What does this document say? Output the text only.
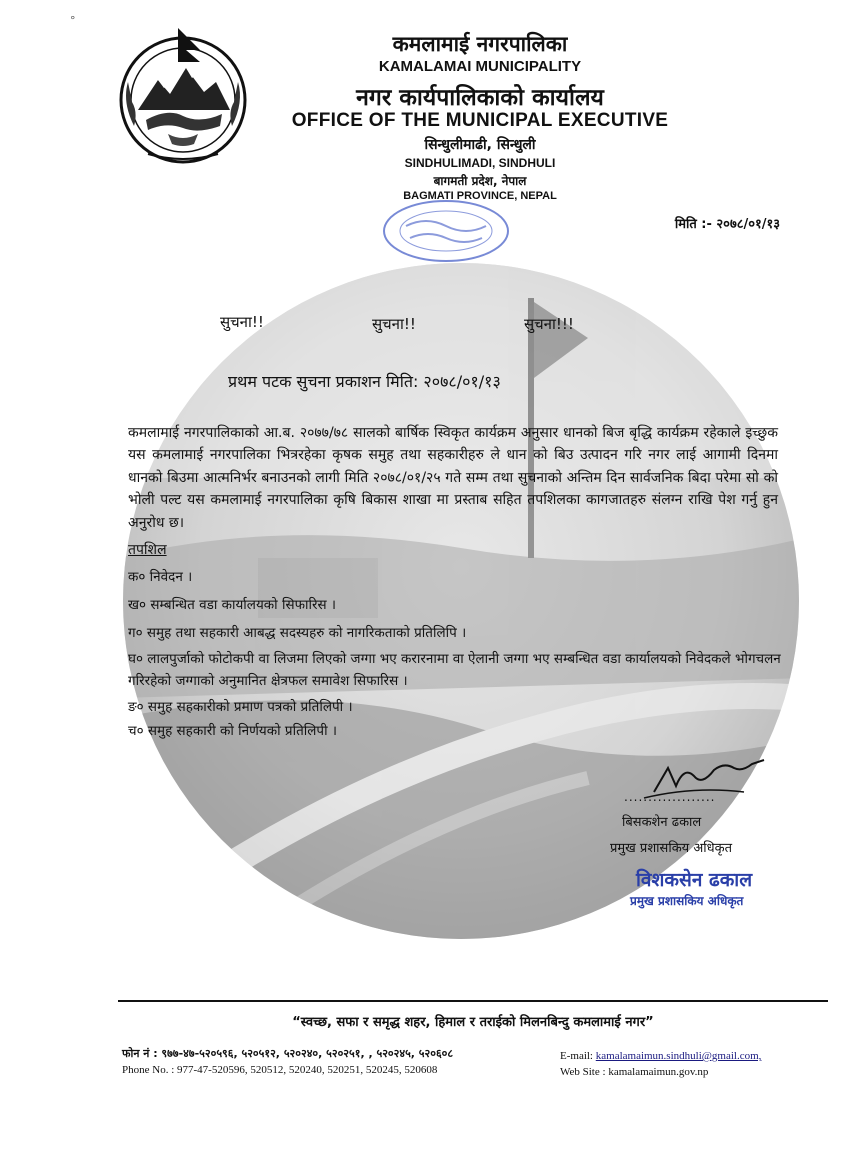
°
कमलामाई नगरपालिका
KAMALAMAI MUNICIPALITY
नगर कार्यपालिकाको कार्यालय
OFFICE OF THE MUNICIPAL EXECUTIVE
सिन्धुलीमाढी, सिन्धुली
SINDHULIMADI, SINDHULI
बागमती प्रदेश, नेपाल
BAGMATI PROVINCE, NEPAL
मिति :- २०७८/०१/१३
सुचना!!	सुचना!!	सुचना!!!
प्रथम पटक सुचना प्रकाशन मिति: २०७८/०१/१३

कमलामाई नगरपालिकाको आ.ब. २०७७/७८ सालको बार्षिक स्विकृत कार्यक्रम अनुसार धानको बिज बृद्धि कार्यक्रम रहेकाले इच्छुक यस कमलामाई नगरपालिका भित्ररहेका कृषक समुह तथा सहकारीहरु ले धान को बिउ उत्पादन गरि नगर लाई आगामी दिनमा धानको बिउमा आत्मनिर्भर बनाउनको लागी मिति २०७८/०१/२५ गते सम्म तथा सुचनाको अन्तिम दिन सार्वजनिक बिदा परेमा सो को भोली पल्ट यस कमलामाई नगरपालिका कृषि बिकास शाखा मा प्रस्ताब सहित तपशिलका कागजातहरु संलग्न राखि पेश गर्नु हुन अनुरोध छ।

तपशिल

क० निवेदन ।

ख० सम्बन्धित वडा कार्यालयको सिफारिस ।

ग० समुह तथा सहकारी आबद्ध सदस्यहरु को नागरिकताको प्रतिलिपि ।

घ० लालपुर्जाको फोटोकपी वा लिजमा लिएको जग्गा भए करारनामा वा ऐलानी जग्गा भए सम्बन्धित वडा कार्यालयको निवेदकले भोगचलन गरिरहेको जग्गाको अनुमानित क्षेत्रफल समावेश सिफारिस ।

ङ० समुह सहकारीको प्रमाण पत्रको प्रतिलिपी ।

च० समुह सहकारी को निर्णयको प्रतिलिपी ।

...................
बिसकशेन ढकाल
प्रमुख प्रशासकिय अधिकृत
विशकसेन ढकाल
प्रमुख प्रशासकिय अधिकृत
“स्वच्छ, सफा र समृद्ध शहर, हिमाल र तराईको मिलनबिन्दु कमलामाई नगर”
फोन नं : ९७७-४७-५२०५९६, ५२०५१२, ५२०२४०, ५२०२५१, , ५२०२४५, ५२०६०८
Phone No. : 977-47-520596, 520512, 520240, 520251, 520245, 520608
E-mail: kamalamaimun.sindhuli@gmail.com,
Web Site : kamalamaimun.gov.np
